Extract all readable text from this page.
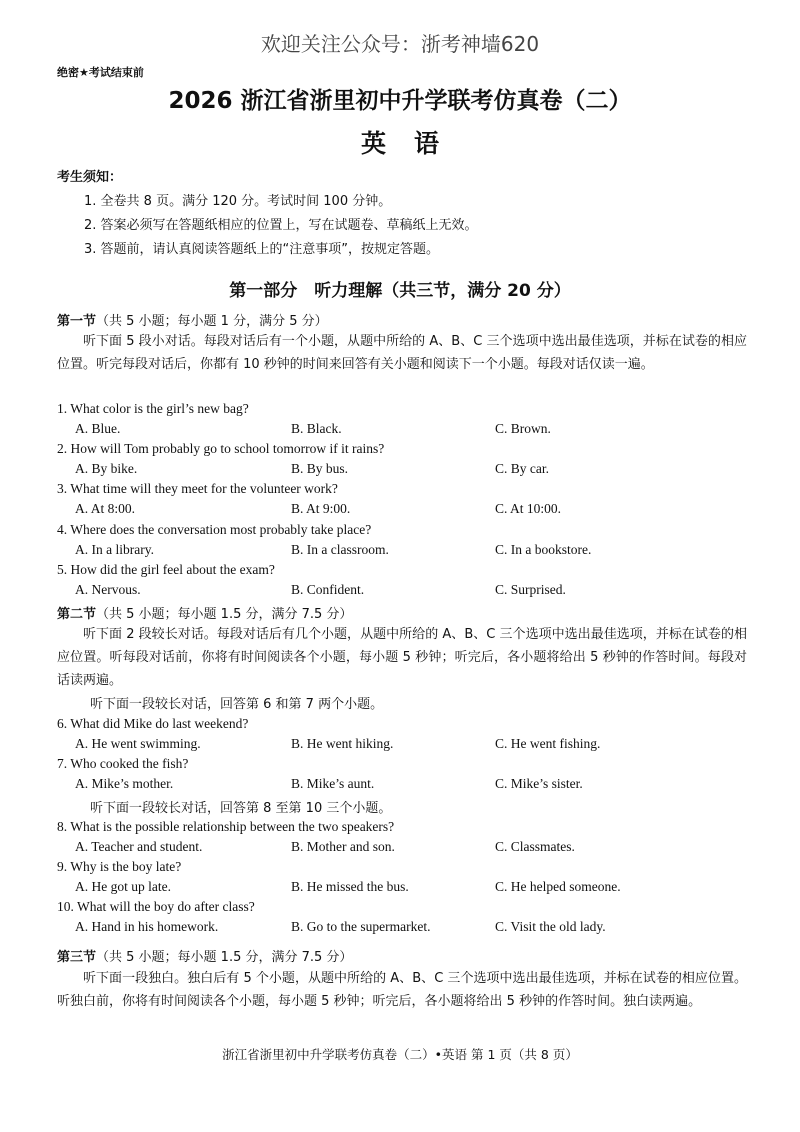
欢迎关注公众号：浙考神墙620
绝密★考试结束前
2026 浙江省浙里初中升学联考仿真卷（二）
英语
考生须知：
1. 全卷共 8 页。满分 120 分。考试时间 100 分钟。
2. 答案必须写在答题纸相应的位置上，写在试题卷、草稿纸上无效。
3. 答题前，请认真阅读答题纸上的“注意事项”，按规定答题。
第一部分　听力理解（共三节，满分 20 分）
第一节（共 5 小题；每小题 1 分，满分 5 分）
听下面 5 段小对话。每段对话后有一个小题，从题中所给的 A、B、C 三个选项中选出最佳选项，并标在试卷的相应位置。听完每段对话后，你都有 10 秒钟的时间来回答有关小题和阅读下一个小题。每段对话仅读一遍。
1. What color is the girl’s new bag?
A. Blue.	B. Black.	C. Brown.
2. How will Tom probably go to school tomorrow if it rains?
A. By bike.	B. By bus.	C. By car.
3. What time will they meet for the volunteer work?
A. At 8:00.	B. At 9:00.	C. At 10:00.
4. Where does the conversation most probably take place?
A. In a library.	B. In a classroom.	C. In a bookstore.
5. How did the girl feel about the exam?
A. Nervous.	B. Confident.	C. Surprised.
第二节（共 5 小题；每小题 1.5 分，满分 7.5 分）
听下面 2 段较长对话。每段对话后有几个小题，从题中所给的 A、B、C 三个选项中选出最佳选项，并标在试卷的相应位置。听每段对话前，你将有时间阅读各个小题，每小题 5 秒钟；听完后，各小题将给出 5 秒钟的作答时间。每段对话读两遍。
听下面一段较长对话，回答第 6 和第 7 两个小题。
6. What did Mike do last weekend?
A. He went swimming.	B. He went hiking.	C. He went fishing.
7. Who cooked the fish?
A. Mike’s mother.	B. Mike’s aunt.	C. Mike’s sister.
听下面一段较长对话，回答第 8 至第 10 三个小题。
8. What is the possible relationship between the two speakers?
A. Teacher and student.	B. Mother and son.	C. Classmates.
9. Why is the boy late?
A. He got up late.	B. He missed the bus.	C. He helped someone.
10. What will the boy do after class?
A. Hand in his homework.	B. Go to the supermarket.	C. Visit the old lady.
第三节（共 5 小题；每小题 1.5 分，满分 7.5 分）
听下面一段独白。独白后有 5 个小题，从题中所给的 A、B、C 三个选项中选出最佳选项，并标在试卷的相应位置。听独白前，你将有时间阅读各个小题，每小题 5 秒钟；听完后，各小题将给出 5 秒钟的作答时间。独白读两遍。
浙江省浙里初中升学联考仿真卷（二）•英语 第 1 页（共 8 页）
